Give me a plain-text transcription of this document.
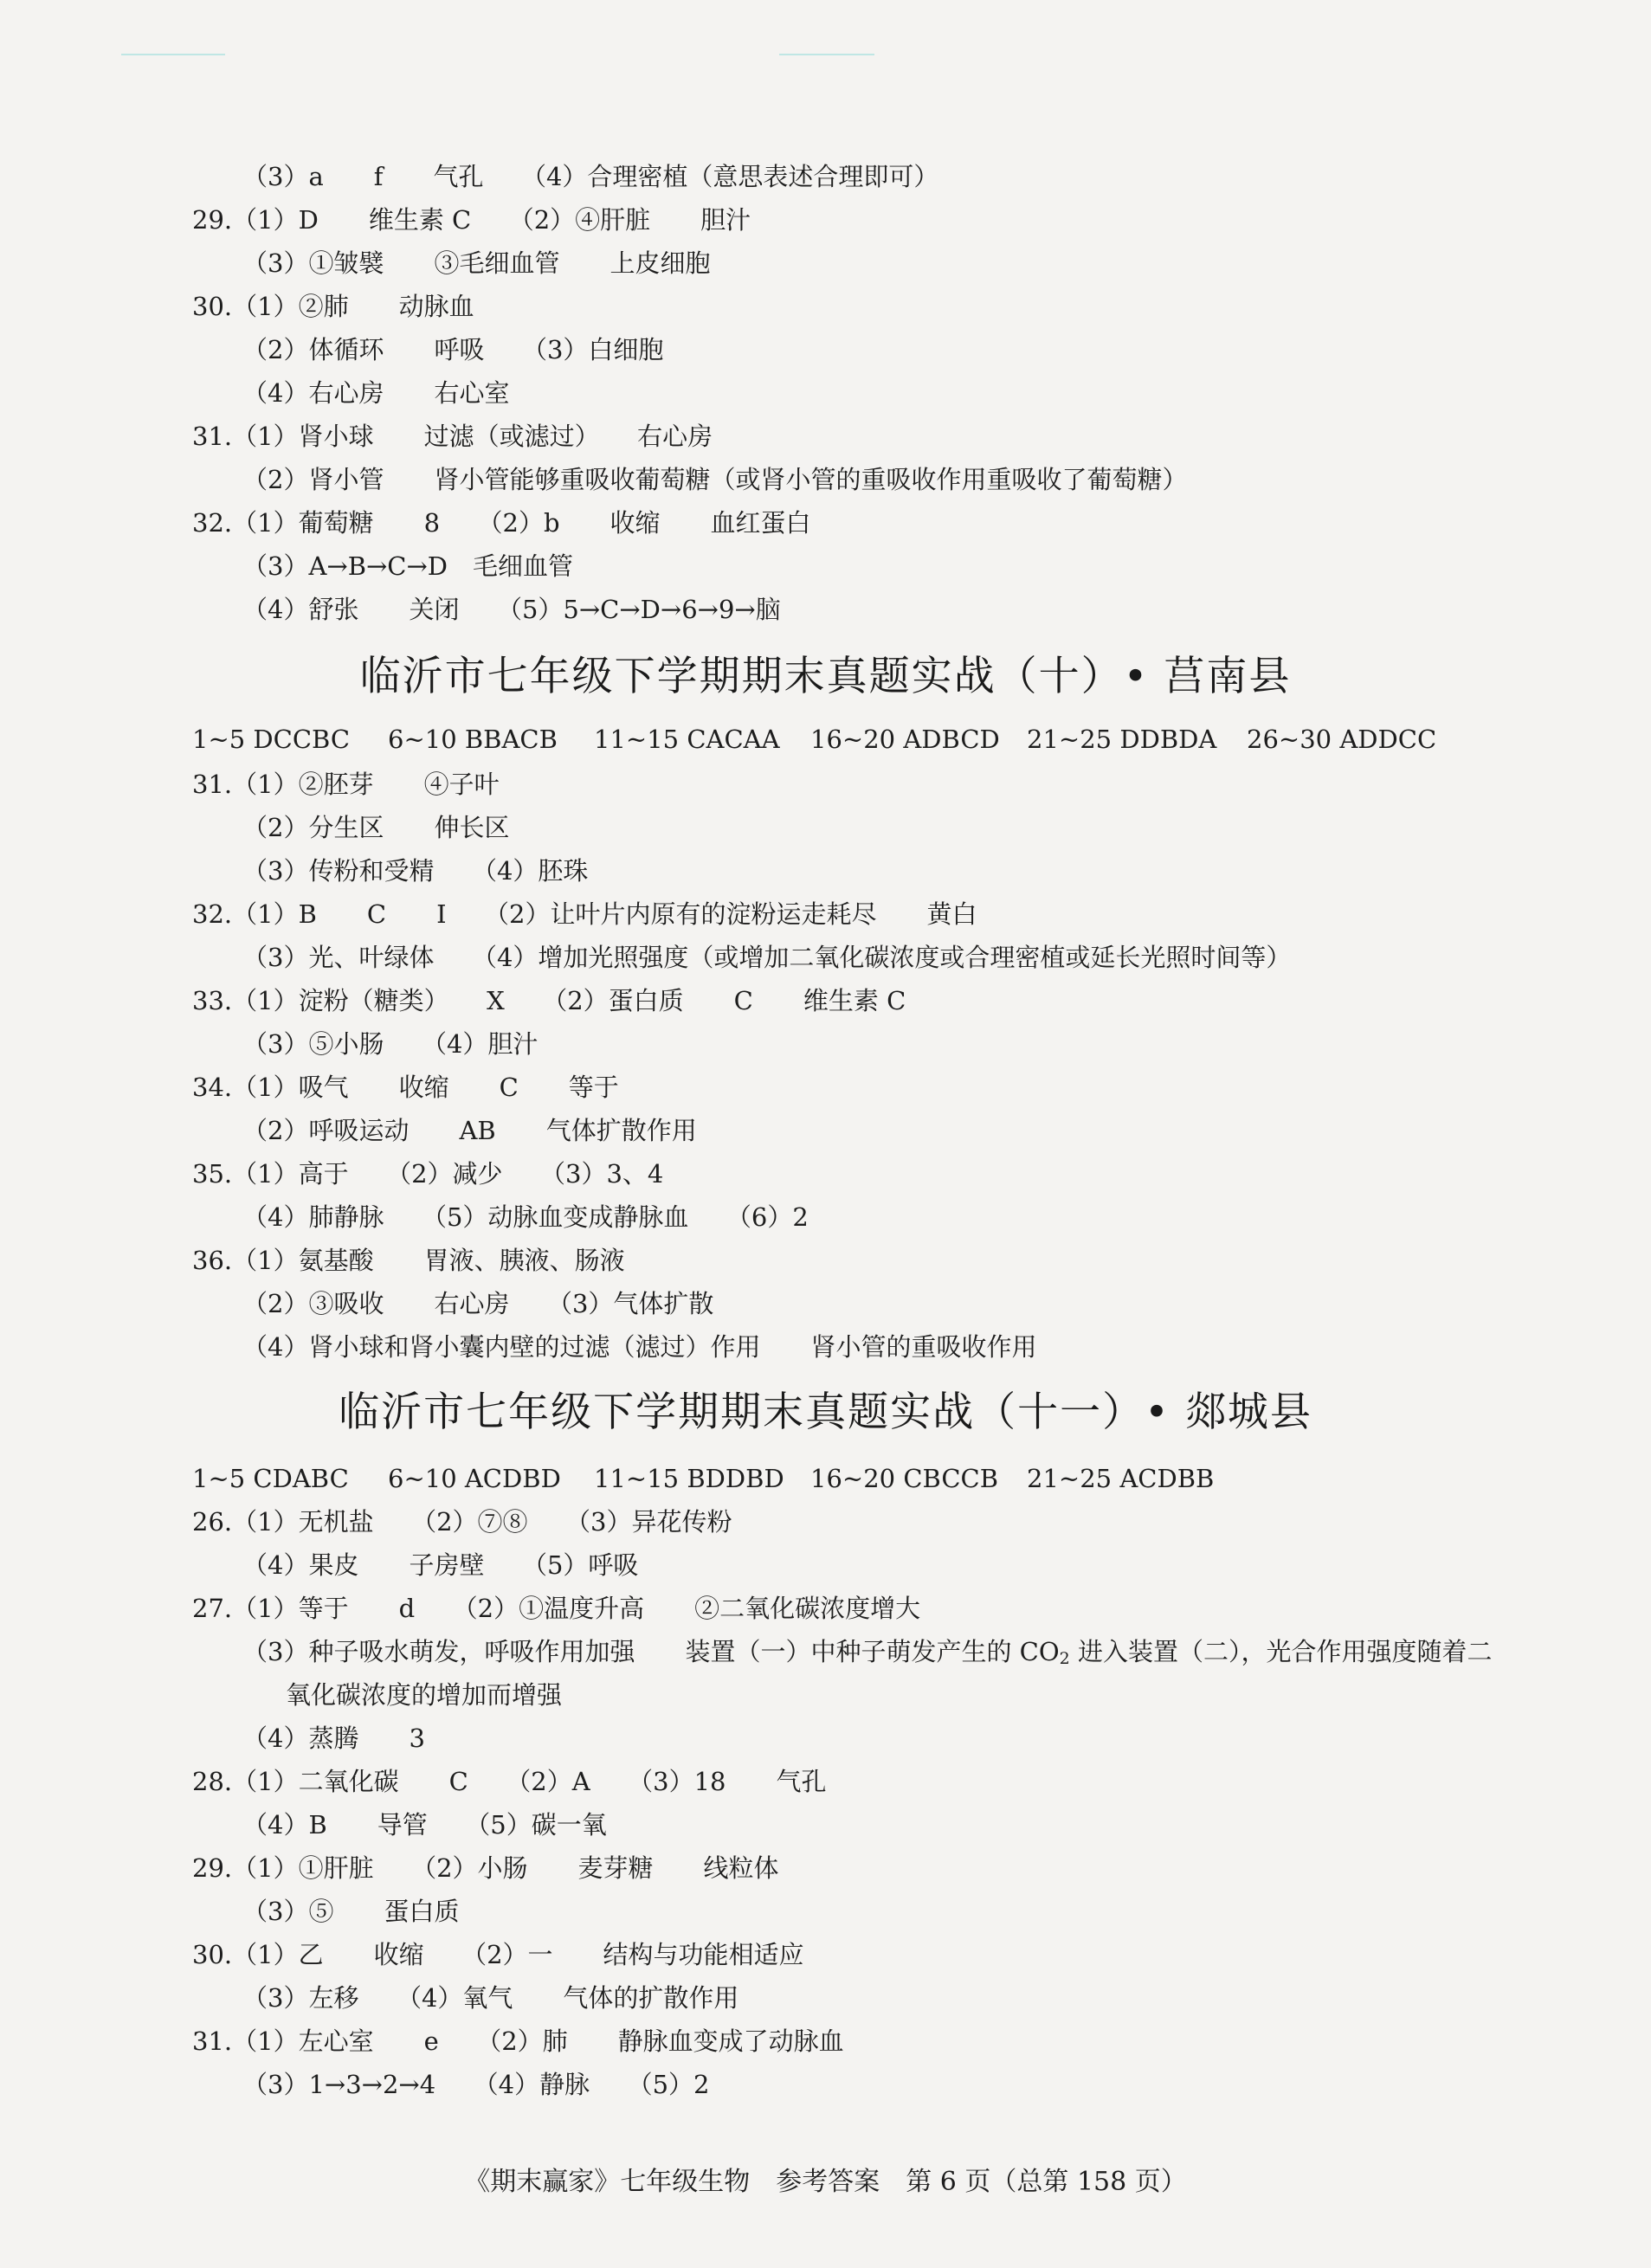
（3）a　　f　　气孔　　（4）合理密植（意思表述合理即可）
29.（1）D　　维生素 C　　（2）④肝脏　　胆汁
（3）①皱襞　　③毛细血管　　上皮细胞
30.（1）②肺　　动脉血
（2）体循环　　呼吸　　（3）白细胞
（4）右心房　　右心室
31.（1）肾小球　　过滤（或滤过）　　右心房
（2）肾小管　　肾小管能够重吸收葡萄糖（或肾小管的重吸收作用重吸收了葡萄糖）
32.（1）葡萄糖　　8　　（2）b　　收缩　　血红蛋白
（3）A→B→C→D　毛细血管
（4）舒张　　关闭　　（5）5→C→D→6→9→脑
临沂市七年级下学期期末真题实战（十）• 莒南县
1~5 DCCBC 6~10 BBACB 11~15 CACAA 16~20 ADBCD 21~25 DDBDA 26~30 ADDCC
31.（1）②胚芽　　④子叶
（2）分生区　　伸长区
（3）传粉和受精　　（4）胚珠
32.（1）B　　C　　I　　（2）让叶片内原有的淀粉运走耗尽　　黄白
（3）光、叶绿体　　（4）增加光照强度（或增加二氧化碳浓度或合理密植或延长光照时间等）
33.（1）淀粉（糖类）　　X　　（2）蛋白质　　C　　维生素 C
（3）⑤小肠　　（4）胆汁
34.（1）吸气　　收缩　　C　　等于
（2）呼吸运动　　AB　　气体扩散作用
35.（1）高于　　（2）减少　　（3）3、4
（4）肺静脉　　（5）动脉血变成静脉血　　（6）2
36.（1）氨基酸　　胃液、胰液、肠液
（2）③吸收　　右心房　　（3）气体扩散
（4）肾小球和肾小囊内壁的过滤（滤过）作用　　肾小管的重吸收作用
临沂市七年级下学期期末真题实战（十一）• 郯城县
1~5 CDABC 6~10 ACDBD 11~15 BDDBD 16~20 CBCCB 21~25 ACDBB
26.（1）无机盐　　（2）⑦⑧　　（3）异花传粉
（4）果皮　　子房壁　　（5）呼吸
27.（1）等于　　d　　（2）①温度升高　　②二氧化碳浓度增大
（3）种子吸水萌发，呼吸作用加强　　装置（一）中种子萌发产生的 $CO_2$ 进入装置（二），光合作用强度随着二
氧化碳浓度的增加而增强
（4）蒸腾　　3
28.（1）二氧化碳　　C　　（2）A　　（3）18　　气孔
（4）B　　导管　　（5）碳一氧
29.（1）①肝脏　　（2）小肠　　麦芽糖　　线粒体
（3）⑤　　蛋白质
30.（1）乙　　收缩　　（2）一　　结构与功能相适应
（3）左移　　（4）氧气　　气体的扩散作用
31.（1）左心室　　e　　（2）肺　　静脉血变成了动脉血
（3）1→3→2→4　　（4）静脉　　（5）2
《期末赢家》七年级生物　参考答案　第 6 页（总第 158 页）
